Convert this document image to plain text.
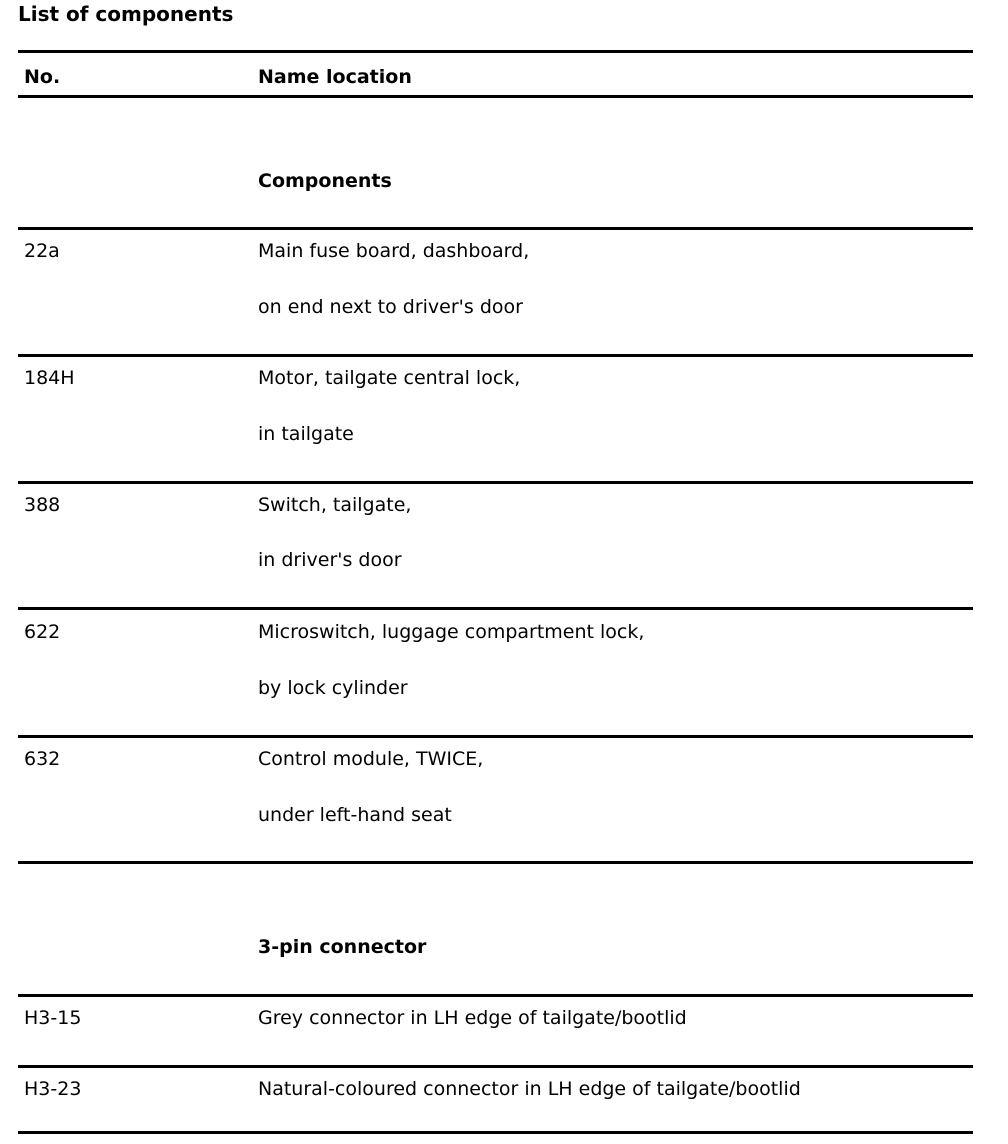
List of components
No.	Name location
Components
22a	Main fuse board, dashboard,
on end next to driver's door
184H	Motor, tailgate central lock,
in tailgate
388	Switch, tailgate,
in driver's door
622	Microswitch, luggage compartment lock,
by lock cylinder
632	Control module, TWICE,
under left-hand seat
3-pin connector
H3-15	Grey connector in LH edge of tailgate/bootlid
H3-23	Natural-coloured connector in LH edge of tailgate/bootlid
